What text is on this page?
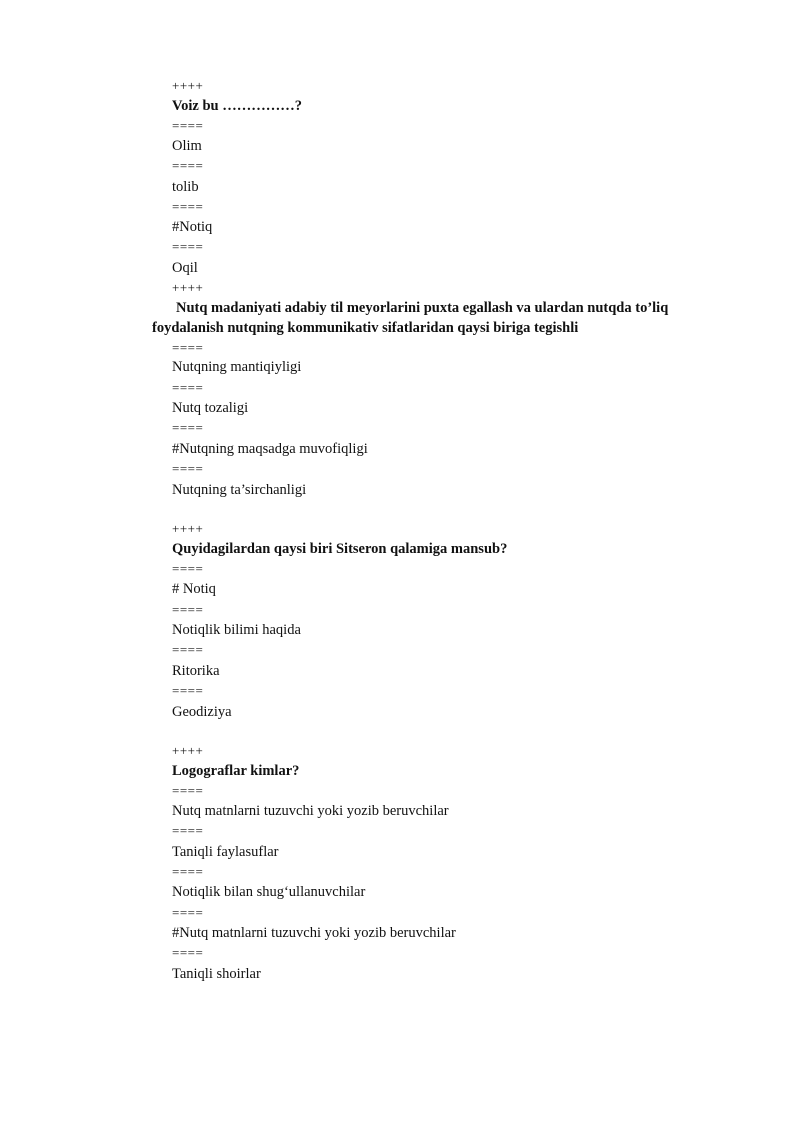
++++
Voiz bu ……………?
====
Olim
====
tolib
====
#Notiq
====
Oqil
++++
Nutq madaniyati adabiy til meyorlarini puxta egallash va ulardan nutqda to’liq foydalanish nutqning kommunikativ sifatlaridan qaysi biriga tegishli
====
Nutqning mantiqiyligi
====
Nutq tozaligi
====
#Nutqning maqsadga muvofiqligi
====
Nutqning ta’sirchanligi
++++
Quyidagilardan qaysi biri Sitseron qalamiga mansub?
====
# Notiq
====
Notiqlik bilimi haqida
====
Ritorika
====
Geodiziya
++++
Logograflar kimlar?
====
Nutq matnlarni tuzuvchi yoki yozib beruvchilar
====
Taniqli faylasuflar
====
Notiqlik bilan shug‘ullanuvchilar
====
#Nutq matnlarni tuzuvchi yoki yozib beruvchilar
====
Taniqli shoirlar
